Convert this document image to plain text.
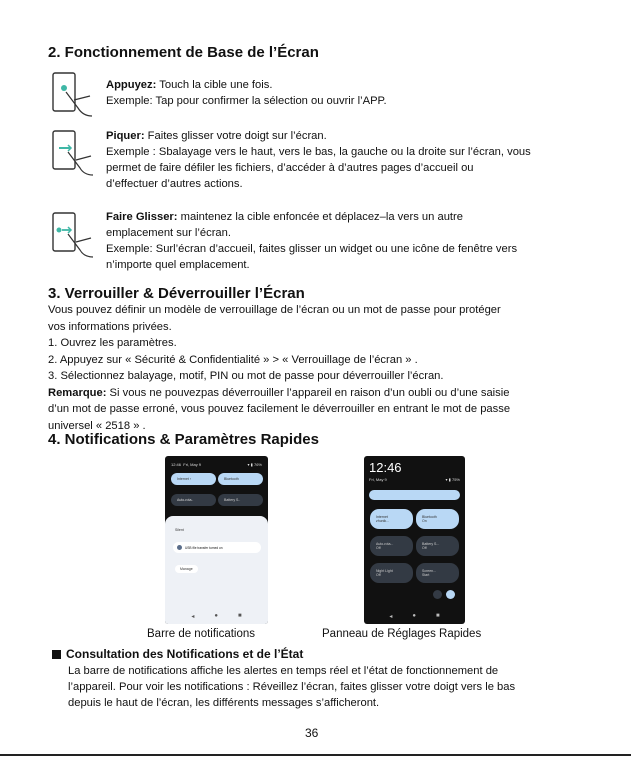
2. Fonctionnement de Base de l’Écran
Appuyez: Touch la cible une fois.
Exemple: Tap pour confirmer la sélection ou ouvrir l’APP.
Piquer: Faites glisser votre doigt sur l’écran.
Exemple : Sbalayage vers le haut, vers le bas, la gauche ou la droite sur l’écran, vous
permet de faire défiler les fichiers, d’accéder à d’autres pages d’accueil ou
d’effectuer d’autres actions.
Faire Glisser: maintenez la cible enfoncée et déplacez–la vers un autre
emplacement sur l’écran.
Exemple: Surl’écran d’accueil, faites glisser un widget ou une icône de fenêtre vers
n’importe quel emplacement.
3. Verrouiller & Déverrouiller l’Écran
Vous pouvez définir un modèle de verrouillage de l’écran ou un mot de passe pour protéger
vos informations privées.
1. Ouvrez les paramètres.
2. Appuyez sur « Sécurité & Confidentialité » > « Verrouillage de l’écran » .
3. Sélectionnez balayage, motif, PIN ou mot de passe pour déverrouiller l’écran.
Remarque: Si vous ne pouvezpas déverrouiller l’appareil en raison d’un oubli ou d’une saisie
d’un mot de passe erroné, vous pouvez facilement le déverrouiller en entrant le mot de passe
universel « 2518 » .
4. Notifications & Paramètres Rapides
12:46 Fri, May 9	▾ ▮ 76%
Internet ›	Bluetooth
Auto-rota..	Battery S..
Silent
USB file transfer turned on
Manage
◂	●	■
12:46
Fri, May 9	▾ ▮ 75%
Internet
zhunik...
Bluetooth
On
Auto-rota...
Off
Battery S...
Off
Night Light
Off
Screen...
Start
◂	●	■
Barre de notifications	Panneau de Réglages Rapides
Consultation des Notifications et de l’État
La barre de notifications affiche les alertes en temps réel et l’état de fonctionnement de
l’appareil. Pour voir les notifications : Réveillez l’écran, faites glisser votre doigt vers le bas
depuis le haut de l’écran, les différents messages s’afficheront.
36
